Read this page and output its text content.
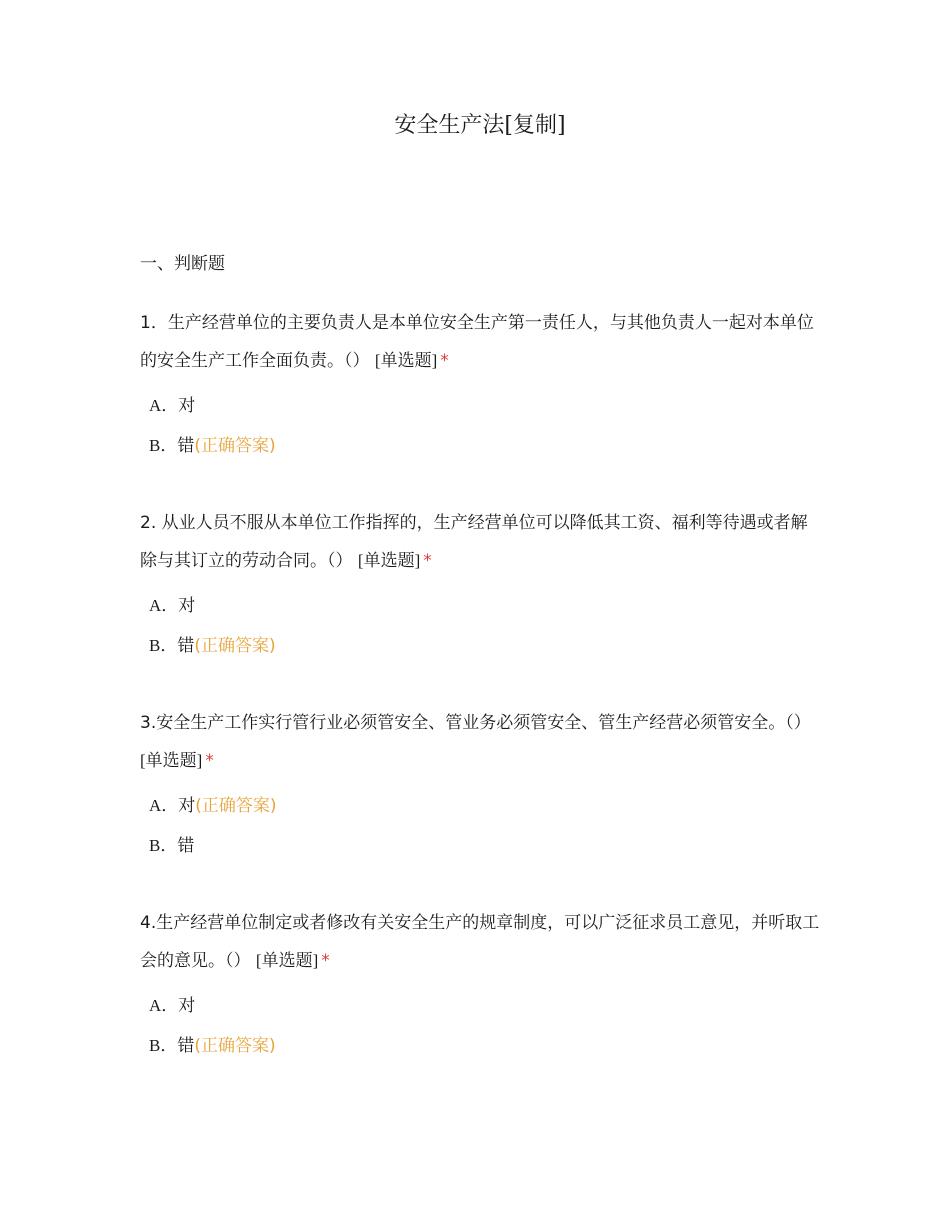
安全生产法[复制]

一、判断题

1．生产经营单位的主要负责人是本单位安全生产第一责任人，与其他负责人一起对本单位的安全生产工作全面负责。（） [单选题] *

A．对
B．错(正确答案)

2. 从业人员不服从本单位工作指挥的，生产经营单位可以降低其工资、福利等待遇或者解除与其订立的劳动合同。（） [单选题] *

A．对
B．错(正确答案)

3.安全生产工作实行管行业必须管安全、管业务必须管安全、管生产经营必须管安全。（） [单选题] *

A．对(正确答案)
B．错

4.生产经营单位制定或者修改有关安全生产的规章制度，可以广泛征求员工意见，并听取工会的意见。（） [单选题] *

A．对
B．错(正确答案)
